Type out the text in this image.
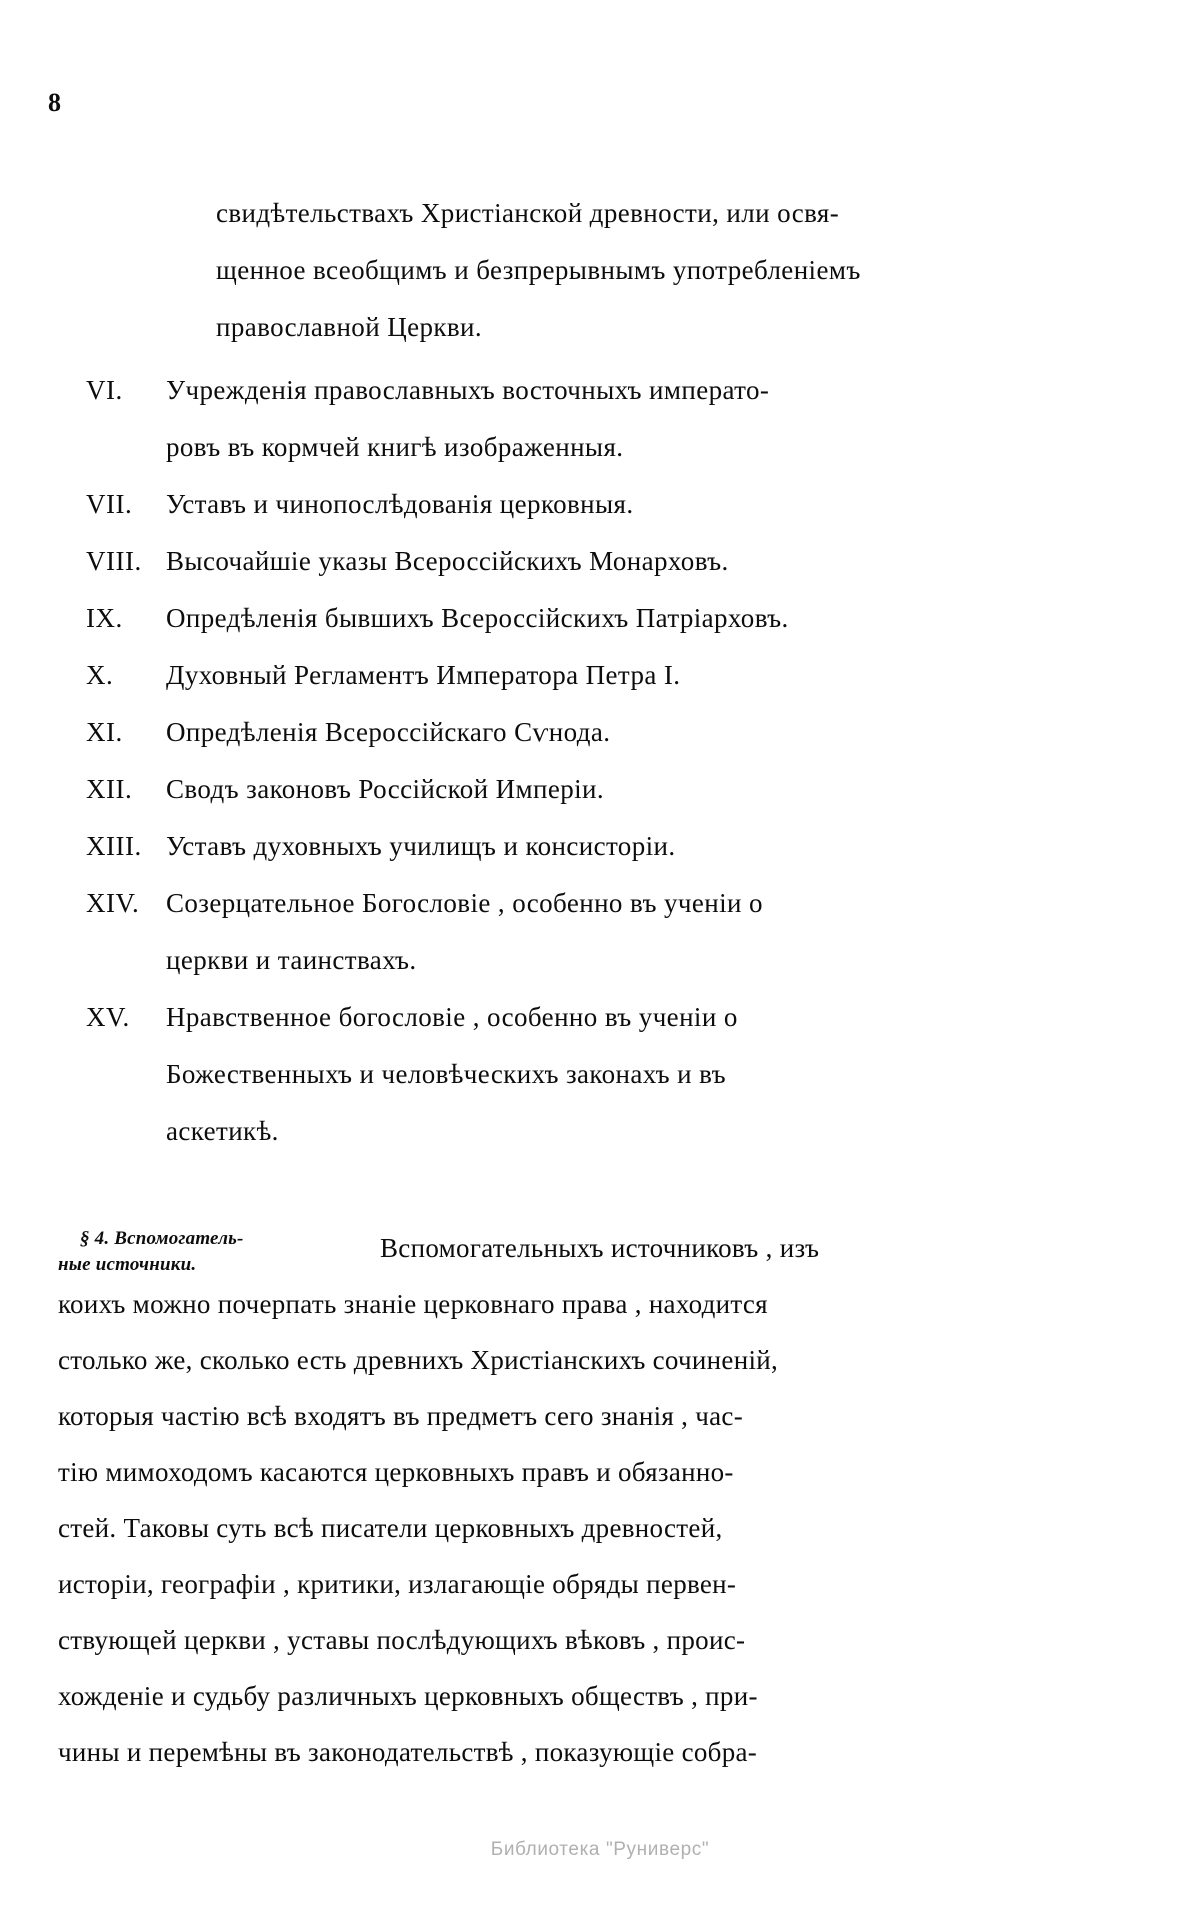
8

свидѣтельствахъ Христіанской древности, или освя-
щенное всеобщимъ и безпрерывнымъ употребленіемъ
православной Церкви.

VI.	Учрежденія православныхъ восточныхъ императо-
ровъ въ кормчей книгѣ изображенныя.
VII.	Уставъ и чинопослѣдованія церковныя.
VIII. Высочайшіе указы Всероссійскихъ Монарховъ.
IX.	Опредѣленія бывшихъ Всероссійскихъ Патріарховъ.
X.	Духовный Регламентъ Императора Петра I.
XI.	Опредѣленія Всероссійскаго Сѵнода.
XII.	Сводъ законовъ Россійской Имперіи.
XIII. Уставъ духовныхъ училищъ и консисторіи.
XIV. Созерцательное Богословіе , особенно въ ученіи о
церкви и таинствахъ.
XV.	Нравственное богословіе , особенно въ ученіи о
Божественныхъ и человѣческихъ законахъ и въ
аскетикѣ.
§ 4. Вспомогатель-
ные источники.

Вспомогательныхъ источниковъ , изъ
коихъ можно почерпать знаніе церковнаго права , находится
столько же, сколько есть древнихъ Христіанскихъ сочиненій,
которыя частію всѣ входятъ въ предметъ сего знанія , час-
тію мимоходомъ касаются церковныхъ правъ и обязанно-
стей. Таковы суть всѣ писатели церковныхъ древностей,
исторіи, географіи , критики, излагающіе обряды первен-
ствующей церкви , уставы послѣдующихъ вѣковъ , проис-
хожденіе и судьбу различныхъ церковныхъ обществъ , при-
чины и перемѣны въ законодательствѣ , показующіе собра-

Библиотека "Руниверс"
